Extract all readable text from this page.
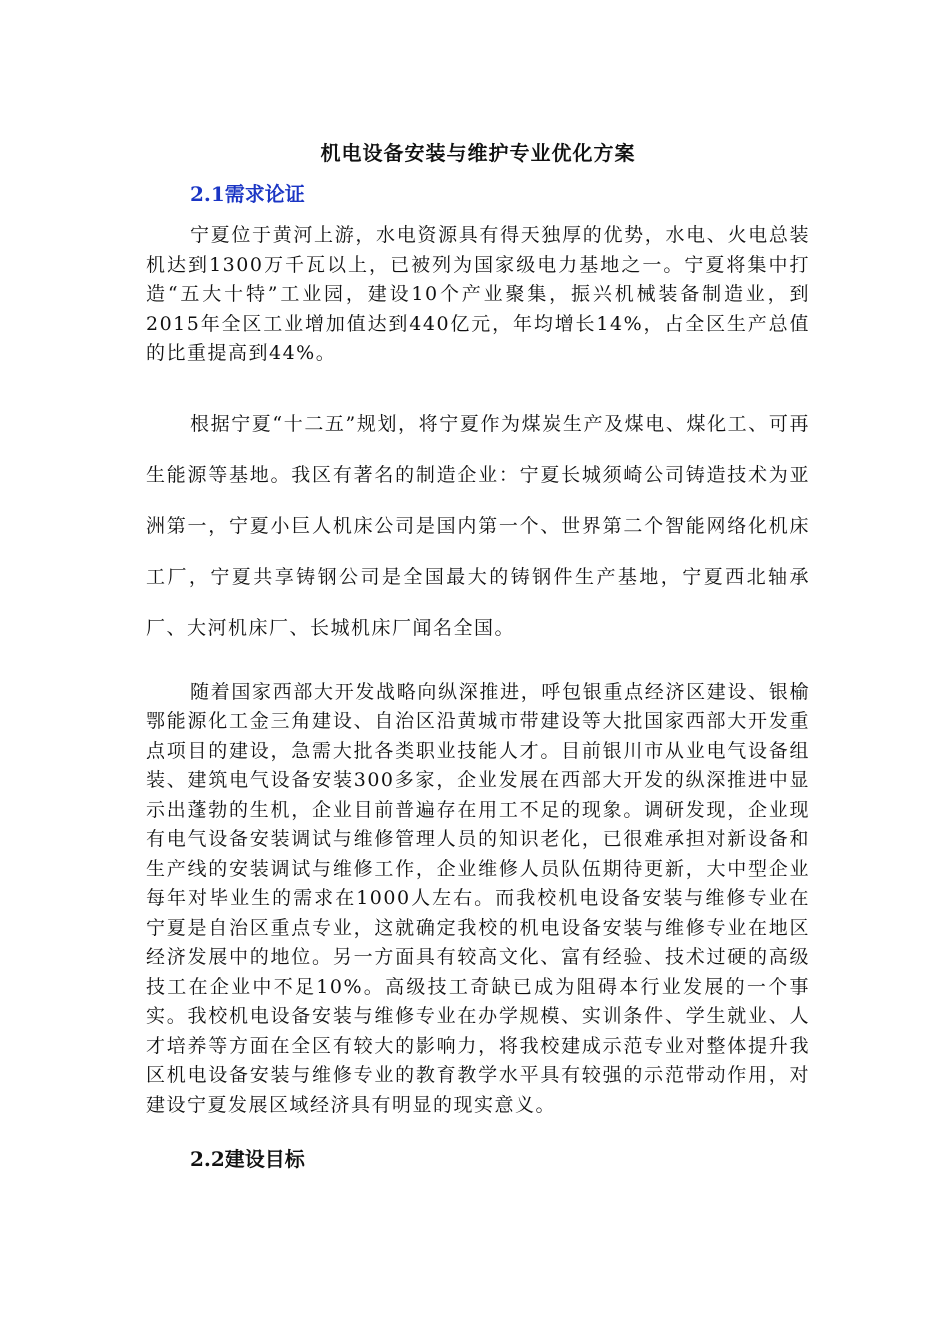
机电设备安装与维护专业优化方案
2.1需求论证

宁夏位于黄河上游，水电资源具有得天独厚的优势，水电、火电总装机达到1300万千瓦以上，已被列为国家级电力基地之一。宁夏将集中打造“五大十特”工业园，建设10个产业聚集，振兴机械装备制造业，到2015年全区工业增加值达到440亿元，年均增长14%，占全区生产总值的比重提高到44%。

根据宁夏“十二五”规划，将宁夏作为煤炭生产及煤电、煤化工、可再生能源等基地。我区有著名的制造企业：宁夏长城须崎公司铸造技术为亚洲第一，宁夏小巨人机床公司是国内第一个、世界第二个智能网络化机床工厂，宁夏共享铸钢公司是全国最大的铸钢件生产基地，宁夏西北轴承厂、大河机床厂、长城机床厂闻名全国。

随着国家西部大开发战略向纵深推进，呼包银重点经济区建设、银榆鄂能源化工金三角建设、自治区沿黄城市带建设等大批国家西部大开发重点项目的建设，急需大批各类职业技能人才。目前银川市从业电气设备组装、建筑电气设备安装300多家，企业发展在西部大开发的纵深推进中显示出蓬勃的生机，企业目前普遍存在用工不足的现象。调研发现，企业现有电气设备安装调试与维修管理人员的知识老化，已很难承担对新设备和生产线的安装调试与维修工作，企业维修人员队伍期待更新，大中型企业每年对毕业生的需求在1000人左右。而我校机电设备安装与维修专业在宁夏是自治区重点专业，这就确定我校的机电设备安装与维修专业在地区经济发展中的地位。另一方面具有较高文化、富有经验、技术过硬的高级技工在企业中不足10%。高级技工奇缺已成为阻碍本行业发展的一个事实。我校机电设备安装与维修专业在办学规模、实训条件、学生就业、人才培养等方面在全区有较大的影响力，将我校建成示范专业对整体提升我区机电设备安装与维修专业的教育教学水平具有较强的示范带动作用，对建设宁夏发展区域经济具有明显的现实意义。

2.2建设目标
